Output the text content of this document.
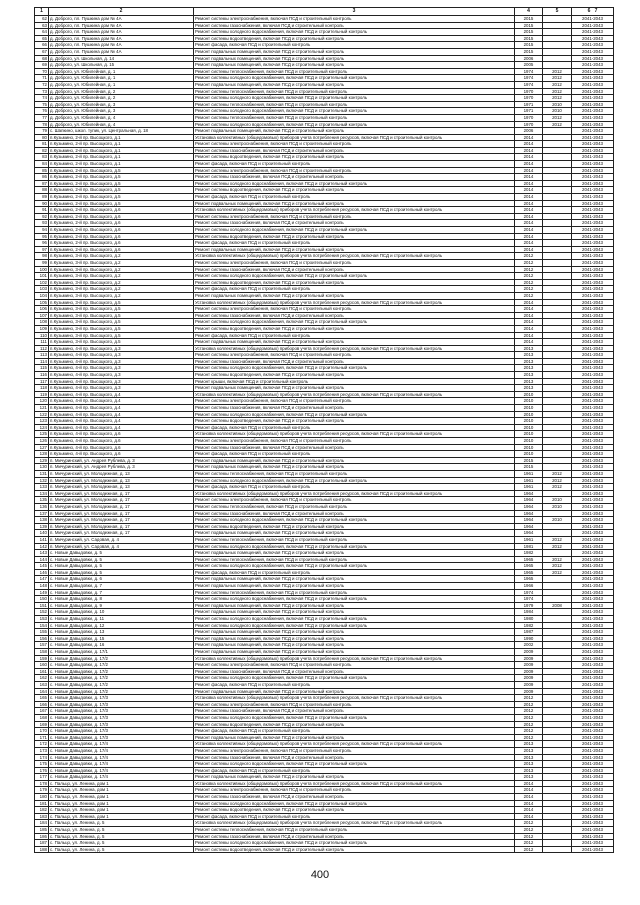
1	2	3	4	5	6 7
62	д. Доброго, пл. Пушкина дом № 4А	Ремонт системы электроснабжения, включая ПСД и строительный контроль	2015		2041-2043
63	д. Доброго, пл. Пушкина дом № 4А	Ремонт системы газоснабжения, включая ПСД и строительный контроль	2015		2041-2043
64	д. Доброго, пл. Пушкина дом № 4А	Ремонт системы холодного водоснабжения, включая ПСД и строительный контроль	2015		2041-2043
65	д. Доброго, пл. Пушкина дом № 4А	Ремонт системы водоотведения, включая ПСД и строительный контроль	2015		2041-2043
66	д. Доброго, пл. Пушкина дом № 4А	Ремонт фасада, включая ПСД и строительный контроль	2015		2041-2043
67	д. Доброго, пл. Пушкина дом № 4А	Ремонт подвальных помещений, включая ПСД и строительный контроль	2015		2041-2043
68	д. Доброго, ул. Школьная, д. 14	Ремонт подвальных помещений, включая ПСД и строительный контроль	2006		2041-2043
69	д. Доброго, ул. Школьная, д. 15	Ремонт подвальных помещений, включая ПСД и строительный контроль	2005		2041-2043
70	д. Доброго, ул. Юбилейная, д. 1	Ремонт системы теплоснабжения, включая ПСД и строительный контроль	1974	2012	2041-2043
71	д. Доброго, ул. Юбилейная, д. 1	Ремонт системы холодного водоснабжения, включая ПСД и строительный контроль	1974	2012	2041-2043
72	д. Доброго, ул. Юбилейная, д. 1	Ремонт подвальных помещений, включая ПСД и строительный контроль	1974	2012	2041-2043
73	д. Доброго, ул. Юбилейная, д. 2	Ремонт системы теплоснабжения, включая ПСД и строительный контроль	1970	2012	2041-2043
74	д. Доброго, ул. Юбилейная, д. 2	Ремонт системы холодного водоснабжения, включая ПСД и строительный контроль	1970	2012	2041-2043
75	д. Доброго, ул. Юбилейная, д. 3	Ремонт системы теплоснабжения, включая ПСД и строительный контроль	1971	2010	2041-2043
76	д. Доброго, ул. Юбилейная, д. 3	Ремонт системы холодного водоснабжения, включая ПСД и строительный контроль	1971	2010	2041-2043
77	д. Доброго, ул. Юбилейная, д. 4	Ремонт системы теплоснабжения, включая ПСД и строительный контроль	1970	2012	2041-2043
78	д. Доброго, ул. Юбилейная, д. 4	Ремонт системы холодного водоснабжения, включая ПСД и строительный контроль	1970	2012	2041-2043
79	с. Шапкино, школ. тупик, ул. Центральная, д. 18	Ремонт подвальных помещений, включая ПСД и строительный контроль	2006		2041-2043
80	п.Кузьмино, 2-й пр. Высоцкого, д.1	Установка коллективных (общедомовых) приборов учета потребления ресурсов, включая ПСД и строительный контроль	2014		2041-2043
81	п.Кузьмино, 2-й пр. Высоцкого, д.1	Ремонт системы электроснабжения, включая ПСД и строительный контроль	2014		2041-2043
82	п.Кузьмино, 2-й пр. Высоцкого, д.1	Ремонт системы газоснабжения, включая ПСД и строительный контроль	2014		2041-2043
83	п.Кузьмино, 2-й пр. Высоцкого, д.1	Ремонт системы водоотведения, включая ПСД и строительный контроль	2014		2041-2043
84	п.Кузьмино, 2-й пр. Высоцкого, д.1	Ремонт фасада, включая ПСД и строительный контроль	2014		2041-2043
85	п.Кузьмино, 2-й пр. Высоцкого, д.5	Ремонт системы электроснабжения, включая ПСД и строительный контроль	2014		2041-2043
86	п.Кузьмино, 2-й пр. Высоцкого, д.5	Ремонт системы газоснабжения, включая ПСД и строительный контроль	2014		2041-2043
87	п.Кузьмино, 2-й пр. Высоцкого, д.5	Ремонт системы холодного водоснабжения, включая ПСД и строительный контроль	2014		2041-2043
88	п.Кузьмино, 2-й пр. Высоцкого, д.5	Ремонт системы водоотведения, включая ПСД и строительный контроль	2014		2041-2043
89	п.Кузьмино, 2-й пр. Высоцкого, д.5	Ремонт фасада, включая ПСД и строительный контроль	2014		2041-2043
90	п.Кузьмино, 2-й пр. Высоцкого, д.5	Ремонт подвальных помещений, включая ПСД и строительный контроль	2014		2041-2043
91	п.Кузьмино, 2-й пр. Высоцкого, д.6	Установка коллективных (общедомовых) приборов учета потребления ресурсов, включая ПСД и строительный контроль	2014		2041-2043
92	п.Кузьмино, 2-й пр. Высоцкого, д.6	Ремонт системы электроснабжения, включая ПСД и строительный контроль	2014		2041-2043
93	п.Кузьмино, 2-й пр. Высоцкого, д.6	Ремонт системы газоснабжения, включая ПСД и строительный контроль	2014		2041-2043
94	п.Кузьмино, 2-й пр. Высоцкого, д.6	Ремонт системы холодного водоснабжения, включая ПСД и строительный контроль	2014		2041-2043
95	п.Кузьмино, 2-й пр. Высоцкого, д.6	Ремонт системы водоотведения, включая ПСД и строительный контроль	2014		2041-2043
96	п.Кузьмино, 2-й пр. Высоцкого, д.6	Ремонт фасада, включая ПСД и строительный контроль	2014		2041-2043
97	п.Кузьмино, 2-й пр. Высоцкого, д.6	Ремонт подвальных помещений, включая ПСД и строительный контроль	2014		2041-2043
98	п.Кузьмино, 3-й пр. Высоцкого, д.2	Установка коллективных (общедомовых) приборов учета потребления ресурсов, включая ПСД и строительный контроль	2012		2041-2043
99	п.Кузьмино, 3-й пр. Высоцкого, д.2	Ремонт системы электроснабжения, включая ПСД и строительный контроль	2012		2041-2043
100	п.Кузьмино, 3-й пр. Высоцкого, д.2	Ремонт системы газоснабжения, включая ПСД и строительный контроль	2012		2041-2043
101	п.Кузьмино, 3-й пр. Высоцкого, д.2	Ремонт системы холодного водоснабжения, включая ПСД и строительный контроль	2012		2041-2043
102	п.Кузьмино, 3-й пр. Высоцкого, д.2	Ремонт системы водоотведения, включая ПСД и строительный контроль	2012		2041-2043
103	п.Кузьмино, 3-й пр. Высоцкого, д.2	Ремонт фасада, включая ПСД и строительный контроль	2012		2041-2043
104	п.Кузьмино, 3-й пр. Высоцкого, д.2	Ремонт подвальных помещений, включая ПСД и строительный контроль	2012		2041-2043
105	п.Кузьмино, 3-й пр. Высоцкого, д.5	Установка коллективных (общедомовых) приборов учета потребления ресурсов, включая ПСД и строительный контроль	2014		2041-2043
106	п.Кузьмино, 3-й пр. Высоцкого, д.5	Ремонт системы электроснабжения, включая ПСД и строительный контроль	2014		2041-2043
107	п.Кузьмино, 3-й пр. Высоцкого, д.5	Ремонт системы газоснабжения, включая ПСД и строительный контроль	2014		2041-2043
108	п.Кузьмино, 3-й пр. Высоцкого, д.5	Ремонт системы холодного водоснабжения, включая ПСД и строительный контроль	2014		2041-2043
109	п.Кузьмино, 3-й пр. Высоцкого, д.5	Ремонт системы водоотведения, включая ПСД и строительный контроль	2014		2041-2043
110	п.Кузьмино, 3-й пр. Высоцкого, д.5	Ремонт фасада, включая ПСД и строительный контроль	2014		2041-2043
111	п.Кузьмино, 3-й пр. Высоцкого, д.5	Ремонт подвальных помещений, включая ПСД и строительный контроль	2014		2041-2043
112	п.Кузьмино, 4-й пр. Высоцкого, д.3	Установка коллективных (общедомовых) приборов учета потребления ресурсов, включая ПСД и строительный контроль	2013		2041-2043
113	п.Кузьмино, 4-й пр. Высоцкого, д.3	Ремонт системы электроснабжения, включая ПСД и строительный контроль	2013		2041-2043
114	п.Кузьмино, 4-й пр. Высоцкого, д.3	Ремонт системы газоснабжения, включая ПСД и строительный контроль	2013		2041-2043
115	п.Кузьмино, 4-й пр. Высоцкого, д.3	Ремонт системы холодного водоснабжения, включая ПСД и строительный контроль	2013		2041-2043
116	п.Кузьмино, 4-й пр. Высоцкого, д.3	Ремонт системы водоотведения, включая ПСД и строительный контроль	2013		2041-2043
117	п.Кузьмино, 4-й пр. Высоцкого, д.3	Ремонт крыши, включая ПСД и строительный контроль	2013		2041-2043
118	п.Кузьмино, 4-й пр. Высоцкого, д.3	Ремонт подвальных помещений, включая ПСД и строительный контроль	2013		2041-2043
119	п.Кузьмино, 4-й пр. Высоцкого, д.4	Установка коллективных (общедомовых) приборов учета потребления ресурсов, включая ПСД и строительный контроль	2010		2041-2043
120	п.Кузьмино, 4-й пр. Высоцкого, д.4	Ремонт системы электроснабжения, включая ПСД и строительный контроль	2010		2041-2043
121	п.Кузьмино, 4-й пр. Высоцкого, д.4	Ремонт системы газоснабжения, включая ПСД и строительный контроль	2010		2041-2043
122	п.Кузьмино, 4-й пр. Высоцкого, д.4	Ремонт системы холодного водоснабжения, включая ПСД и строительный контроль	2010		2041-2043
123	п.Кузьмино, 4-й пр. Высоцкого, д.4	Ремонт системы водоотведения, включая ПСД и строительный контроль	2010		2041-2043
124	п.Кузьмино, 4-й пр. Высоцкого, д.4	Ремонт фасада, включая ПСД и строительный контроль	2010		2041-2043
125	п.Кузьмино, 4-й пр. Высоцкого, д.6	Установка коллективных (общедомовых) приборов учета потребления ресурсов, включая ПСД и строительный контроль	2010		2041-2043
126	п.Кузьмино, 4-й пр. Высоцкого, д.6	Ремонт системы электроснабжения, включая ПСД и строительный контроль	2010		2041-2043
127	п.Кузьмино, 4-й пр. Высоцкого, д.6	Ремонт системы газоснабжения, включая ПСД и строительный контроль	2010		2041-2043
128	п.Кузьмино, 4-й пр. Высоцкого, д.6	Ремонт фасада, включая ПСД и строительный контроль	2010		2041-2043
129	п. Мичуринский, ул. Андрея Рублева, д. 3	Ремонт подвальных помещений, включая ПСД и строительный контроль	2015		2041-2043
130	п. Мичуринский, ул. Андрея Рублева, д. 3	Ремонт подвальных помещений, включая ПСД и строительный контроль	2015		2041-2043
131	п. Мичуринский, ул. Молодежная, д. 13	Ремонт системы теплоснабжения, включая ПСД и строительный контроль	1961	2012	2041-2043
132	п. Мичуринский, ул. Молодежная, д. 13	Ремонт системы холодного водоснабжения, включая ПСД и строительный контроль	1961	2012	2041-2043
133	п. Мичуринский, ул. Молодежная, д. 13	Ремонт фасада, включая ПСД и строительный контроль	1961	2012	2041-2043
134	п. Мичуринский, ул. Молодежная, д. 17	Установка коллективных (общедомовых) приборов учета потребления ресурсов, включая ПСД и строительный контроль	1964		2041-2043
135	п. Мичуринский, ул. Молодежная, д. 17	Ремонт системы электроснабжения, включая ПСД и строительный контроль	1964	2010	2041-2043
136	п. Мичуринский, ул. Молодежная, д. 17	Ремонт системы теплоснабжения, включая ПСД и строительный контроль	1964	2010	2041-2043
137	п. Мичуринский, ул. Молодежная, д. 17	Ремонт системы газоснабжения, включая ПСД и строительный контроль	1964		2041-2043
138	п. Мичуринский, ул. Молодежная, д. 17	Ремонт системы холодного водоснабжения, включая ПСД и строительный контроль	1964	2010	2041-2043
139	п. Мичуринский, ул. Молодежная, д. 17	Ремонт системы водоотведения, включая ПСД и строительный контроль	1964		2041-2043
140	п. Мичуринский, ул. Молодежная, д. 17	Ремонт подвальных помещений, включая ПСД и строительный контроль	1964		2041-2043
141	п. Мичуринский, ул. Садовая, д. 4	Ремонт системы теплоснабжения, включая ПСД и строительный контроль	1961	2012	2041-2043
142	п. Мичуринский, ул. Садовая, д. 4	Ремонт системы холодного водоснабжения, включая ПСД и строительный контроль	1981	2012	2041-2043
143	с. Новые Давыдовки, д. 5	Ремонт подвальных помещений, включая ПСД и строительный контроль	1982		2041-2043
144	с. Новые Давыдовки, д. 5	Ремонт системы теплоснабжения, включая ПСД и строительный контроль	1965	2012	2041-2043
145	с. Новые Давыдовки, д. 5	Ремонт системы холодного водоснабжения, включая ПСД и строительный контроль	1965	2012	2041-2043
146	с. Новые Давыдовки, д. 5	Ремонт фасада, включая ПСД и строительный контроль	1965	2012	2041-2043
147	с. Новые Давыдовки, д. 6	Ремонт подвальных помещений, включая ПСД и строительный контроль	1965		2041-2043
148	с. Новые Давыдовки, д. 7	Ремонт подвальных помещений, включая ПСД и строительный контроль	1966		2041-2043
149	с. Новые Давыдовки, д. 7	Ремонт системы теплоснабжения, включая ПСД и строительный контроль	1974		2041-2043
150	с. Новые Давыдовки, д. 8	Ремонт системы холодного водоснабжения, включая ПСД и строительный контроль	1974		2041-2043
151	с. Новые Давыдовки, д. 9	Ремонт подвальных помещений, включая ПСД и строительный контроль	1979	2008	2041-2043
152	с. Новые Давыдовки, д. 10	Ремонт подвальных помещений, включая ПСД и строительный контроль	1984		2041-2043
153	с. Новые Давыдовки, д. 11	Ремонт системы холодного водоснабжения, включая ПСД и строительный контроль	1980		2041-2043
154	с. Новые Давыдовки, д. 12	Ремонт системы холодного водоснабжения, включая ПСД и строительный контроль	1982		2041-2043
155	с. Новые Давыдовки, д. 13	Ремонт подвальных помещений, включая ПСД и строительный контроль	1987		2041-2043
156	с. Новые Давыдовки, д. 15	Ремонт подвальных помещений, включая ПСД и строительный контроль	1990		2041-2043
157	с. Новые Давыдовки, д. 16	Ремонт подвальных помещений, включая ПСД и строительный контроль	2002		2041-2043
158	с. Новые Давыдовки, д. 17/1	Ремонт подвальных помещений, включая ПСД и строительный контроль	2009		2041-2043
159	с. Новые Давыдовки, д. 17/2	Установка коллективных (общедомовых) приборов учета потребления ресурсов, включая ПСД и строительный контроль	2009		2041-2043
160	с. Новые Давыдовки, д. 17/2	Ремонт системы электроснабжения, включая ПСД и строительный контроль	2009		2041-2043
161	с. Новые Давыдовки, д. 17/2	Ремонт системы газоснабжения, включая ПСД и строительный контроль	2009		2041-2043
162	с. Новые Давыдовки, д. 17/2	Ремонт системы холодного водоснабжения, включая ПСД и строительный контроль	2009		2041-2043
163	с. Новые Давыдовки, д. 17/2	Ремонт фасада, включая ПСД и строительный контроль	2009		2041-2043
164	с. Новые Давыдовки, д. 17/2	Ремонт подвальных помещений, включая ПСД и строительный контроль	2009		2041-2043
165	с. Новые Давыдовки, д. 17/3	Установка коллективных (общедомовых) приборов учета потребления ресурсов, включая ПСД и строительный контроль	2012		2041-2043
166	с. Новые Давыдовки, д. 17/3	Ремонт системы электроснабжения, включая ПСД и строительный контроль	2012		2041-2043
167	с. Новые Давыдовки, д. 17/3	Ремонт системы газоснабжения, включая ПСД и строительный контроль	2012		2041-2043
168	с. Новые Давыдовки, д. 17/3	Ремонт системы холодного водоснабжения, включая ПСД и строительный контроль	2012		2041-2043
169	с. Новые Давыдовки, д. 17/3	Ремонт системы водоотведения, включая ПСД и строительный контроль	2012		2041-2043
170	с. Новые Давыдовки, д. 17/3	Ремонт фасада, включая ПСД и строительный контроль	2012		2041-2043
171	с. Новые Давыдовки, д. 17/3	Ремонт подвальных помещений, включая ПСД и строительный контроль	2012		2041-2043
172	с. Новые Давыдовки, д. 17/4	Установка коллективных (общедомовых) приборов учета потребления ресурсов, включая ПСД и строительный контроль	2013		2041-2043
173	с. Новые Давыдовки, д. 17/4	Ремонт системы электроснабжения, включая ПСД и строительный контроль	2013		2041-2043
174	с. Новые Давыдовки, д. 17/4	Ремонт системы газоснабжения, включая ПСД и строительный контроль	2013		2041-2043
175	с. Новые Давыдовки, д. 17/4	Ремонт системы холодного водоснабжения, включая ПСД и строительный контроль	2013		2041-2043
176	с. Новые Давыдовки, д. 17/4	Ремонт фасада, включая ПСД и строительный контроль	2013		2041-2043
177	с. Новые Давыдовки, д. 17/4	Ремонт подвальных помещений, включая ПСД и строительный контроль	2013		2041-2043
178	с. Пальцо, ул. Ленина, дом 1	Установка коллективных (общедомовых) приборов учета потребления ресурсов, включая ПСД и строительный контроль	2014		2041-2043
179	с. Пальцо, ул. Ленина, дом 1	Ремонт системы электроснабжения, включая ПСД и строительный контроль	2014		2041-2043
180	с. Пальцо, ул. Ленина, дом 1	Ремонт системы газоснабжения, включая ПСД и строительный контроль	2014		2041-2043
181	с. Пальцо, ул. Ленина, дом 1	Ремонт системы холодного водоснабжения, включая ПСД и строительный контроль	2014		2041-2043
182	с. Пальцо, ул. Ленина, дом 1	Ремонт системы водоотведения, включая ПСД и строительный контроль	2014		2041-2043
183	с. Пальцо, ул. Ленина, дом 1	Ремонт фасада, включая ПСД и строительный контроль	2014		2041-2043
184	с. Пальцо, ул. Ленина, д. 5	Установка коллективных (общедомовых) приборов учета потребления ресурсов, включая ПСД и строительный контроль	2012		2041-2043
185	с. Пальцо, ул. Ленина, д. 5	Ремонт системы теплоснабжения, включая ПСД и строительный контроль	2012		2041-2043
186	с. Пальцо, ул. Ленина, д. 5	Ремонт системы газоснабжения, включая ПСД и строительный контроль	2012		2041-2043
187	с. Пальцо, ул. Ленина, д. 5	Ремонт системы холодного водоснабжения, включая ПСД и строительный контроль	2012		2041-2043
188	с. Пальцо, ул. Ленина, д. 5	Ремонт системы водоотведения, включая ПСД и строительный контроль	2012		2041-2043
400
